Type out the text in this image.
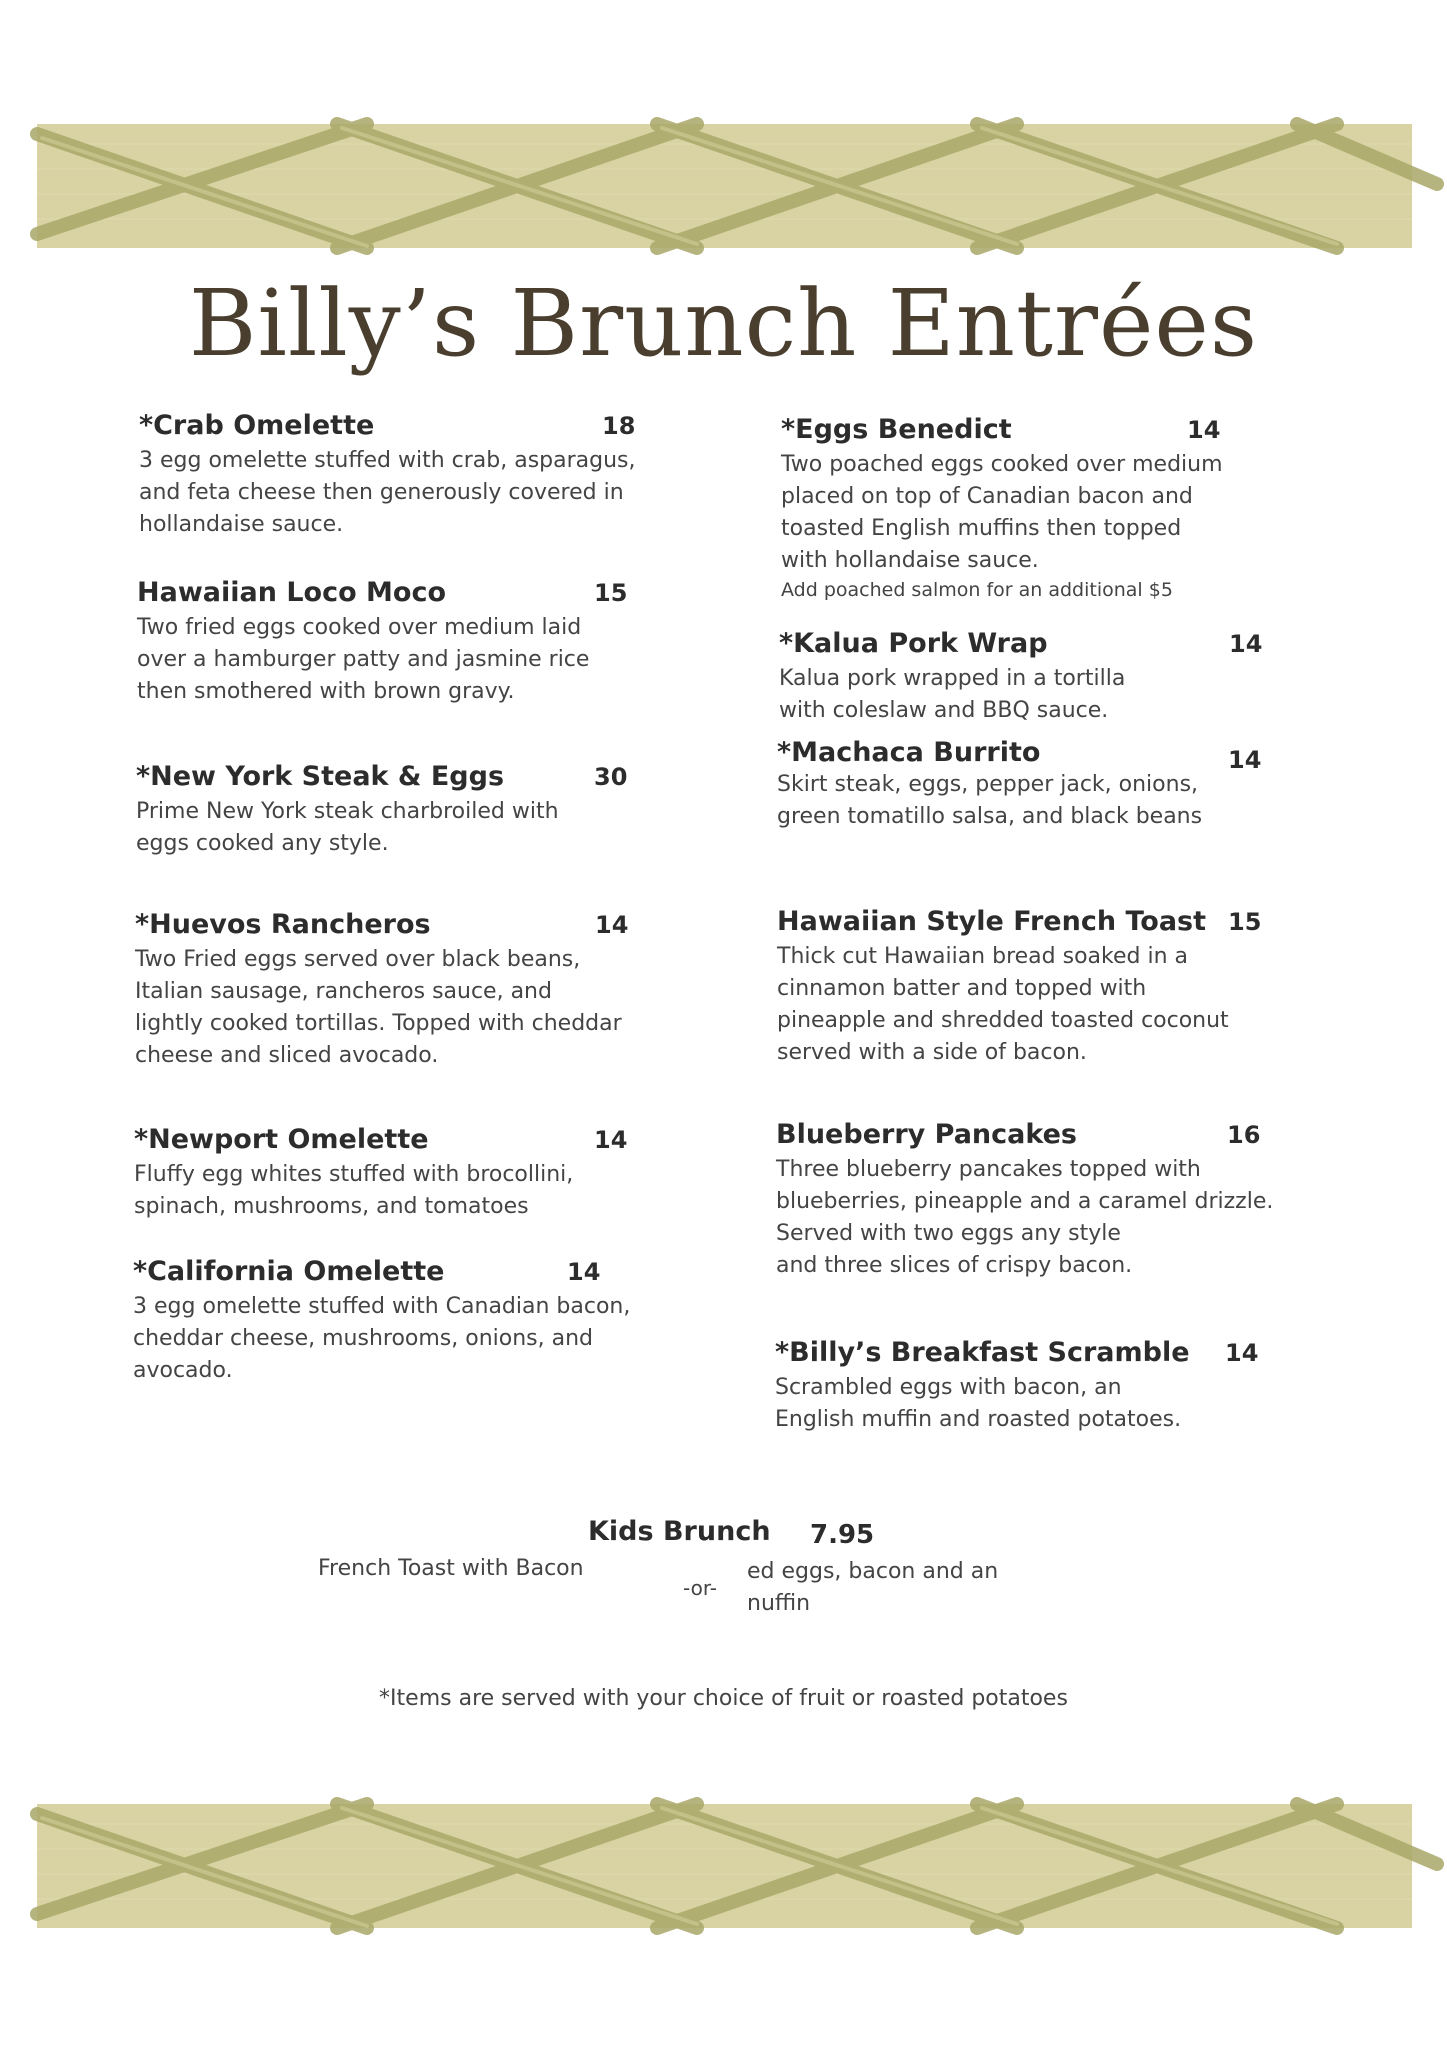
Billy’s Brunch Entrées
*Crab Omelette	18
3 egg omelette stuffed with crab, asparagus,
and feta cheese then generously covered in
hollandaise sauce.
Hawaiian Loco Moco	15
Two fried eggs cooked over medium laid
over a hamburger patty and jasmine rice
then smothered with brown gravy.
*New York Steak & Eggs	30
Prime New York steak charbroiled with
eggs cooked any style.
*Huevos Rancheros	14
Two Fried eggs served over black beans,
Italian sausage, rancheros sauce, and
lightly cooked tortillas. Topped with cheddar
cheese and sliced avocado.
*Newport Omelette	14
Fluffy egg whites stuffed with brocollini,
spinach, mushrooms, and tomatoes
*California Omelette	14
3 egg omelette stuffed with Canadian bacon,
cheddar cheese, mushrooms, onions, and
avocado.
*Eggs Benedict	14
Two poached eggs cooked over medium
placed on top of Canadian bacon and
toasted English muffins then topped
with hollandaise sauce.
Add poached salmon for an additional $5
*Kalua Pork Wrap	14
Kalua pork wrapped in a tortilla
with coleslaw and BBQ sauce.
*Machaca Burrito	14
Skirt steak, eggs, pepper jack, onions,
green tomatillo salsa, and black beans
Hawaiian Style French Toast 15
Thick cut Hawaiian bread soaked in a
cinnamon batter and topped with
pineapple and shredded toasted coconut
served with a side of bacon.
Blueberry Pancakes	16
Three blueberry pancakes topped with
blueberries, pineapple and a caramel drizzle.
Served with two eggs any style
and three slices of crispy bacon.
*Billy’s Breakfast Scramble 14
Scrambled eggs with bacon, an
English muffin and roasted potatoes.
Kids Brunch 7.95
French Toast with Bacon
-or-
ed eggs, bacon and an
nuffin
*Items are served with your choice of fruit or roasted potatoes
